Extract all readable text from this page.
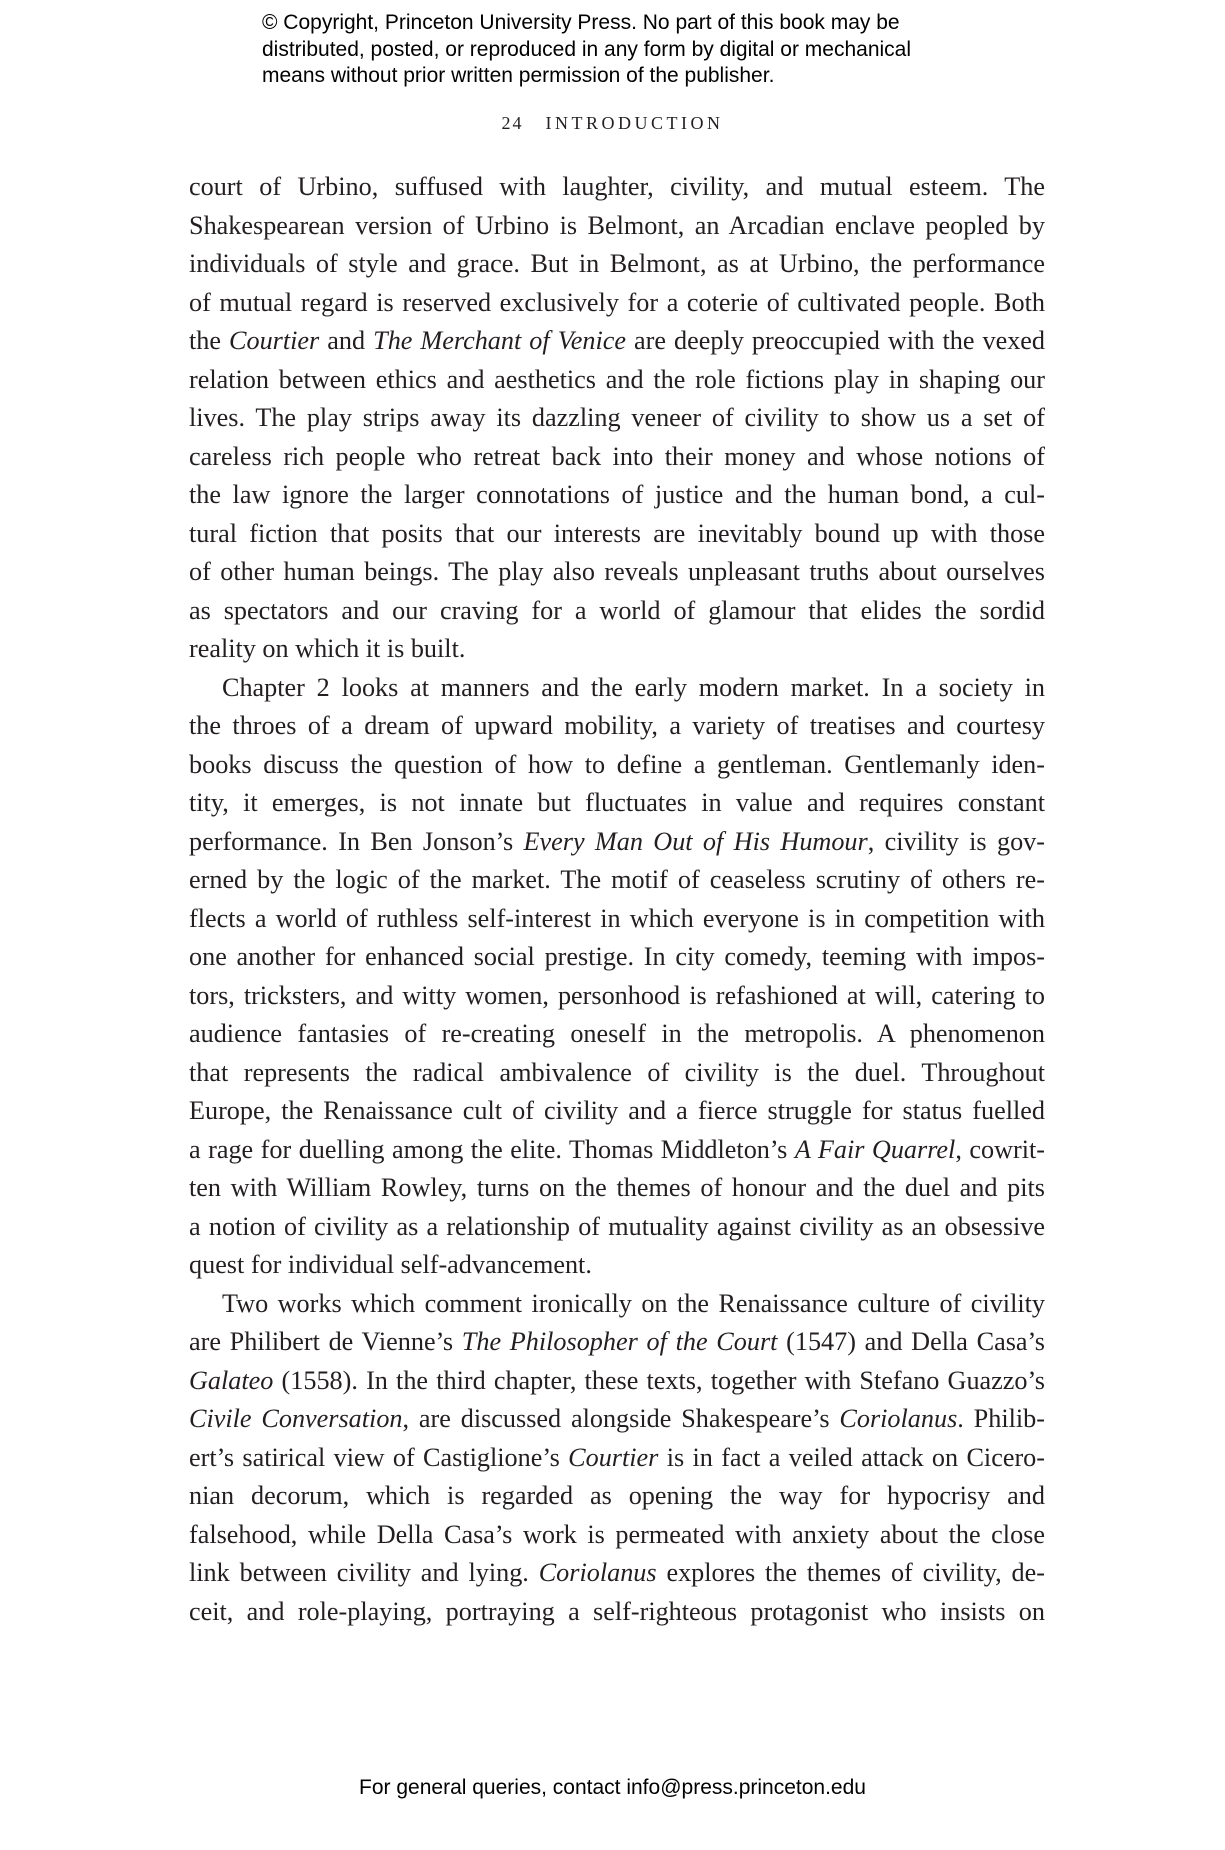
© Copyright, Princeton University Press. No part of this book may be
distributed, posted, or reproduced in any form by digital or mechanical
means without prior written permission of the publisher.
24 INTRODUCTION
court of Urbino, suffused with laughter, civility, and mutual esteem. The
Shakespearean version of Urbino is Belmont, an Arcadian enclave peopled by
individuals of style and grace. But in Belmont, as at Urbino, the performance
of mutual regard is reserved exclusively for a coterie of cultivated people. Both
the Courtier and The Merchant of Venice are deeply preoccupied with the vexed
relation between ethics and aesthetics and the role fictions play in shaping our
lives. The play strips away its dazzling veneer of civility to show us a set of
careless rich people who retreat back into their money and whose notions of
the law ignore the larger connotations of justice and the human bond, a cul-
tural fiction that posits that our interests are inevitably bound up with those
of other human beings. The play also reveals unpleasant truths about ourselves
as spectators and our craving for a world of glamour that elides the sordid
reality on which it is built.
Chapter 2 looks at manners and the early modern market. In a society in
the throes of a dream of upward mobility, a variety of treatises and courtesy
books discuss the question of how to define a gentleman. Gentlemanly iden-
tity, it emerges, is not innate but fluctuates in value and requires constant
performance. In Ben Jonson’s Every Man Out of His Humour, civility is gov-
erned by the logic of the market. The motif of ceaseless scrutiny of others re-
flects a world of ruthless self-interest in which everyone is in competition with
one another for enhanced social prestige. In city comedy, teeming with impos-
tors, tricksters, and witty women, personhood is refashioned at will, catering to
audience fantasies of re-creating oneself in the metropolis. A phenomenon
that represents the radical ambivalence of civility is the duel. Throughout
Europe, the Renaissance cult of civility and a fierce struggle for status fuelled
a rage for duelling among the elite. Thomas Middleton’s A Fair Quarrel, cowrit-
ten with William Rowley, turns on the themes of honour and the duel and pits
a notion of civility as a relationship of mutuality against civility as an obsessive
quest for individual self-advancement.
Two works which comment ironically on the Renaissance culture of civility
are Philibert de Vienne’s The Philosopher of the Court (1547) and Della Casa’s
Galateo (1558). In the third chapter, these texts, together with Stefano Guazzo’s
Civile Conversation, are discussed alongside Shakespeare’s Coriolanus. Philib-
ert’s satirical view of Castiglione’s Courtier is in fact a veiled attack on Cicero-
nian decorum, which is regarded as opening the way for hypocrisy and
falsehood, while Della Casa’s work is permeated with anxiety about the close
link between civility and lying. Coriolanus explores the themes of civility, de-
ceit, and role-playing, portraying a self-righteous protagonist who insists on
For general queries, contact info@press.princeton.edu
